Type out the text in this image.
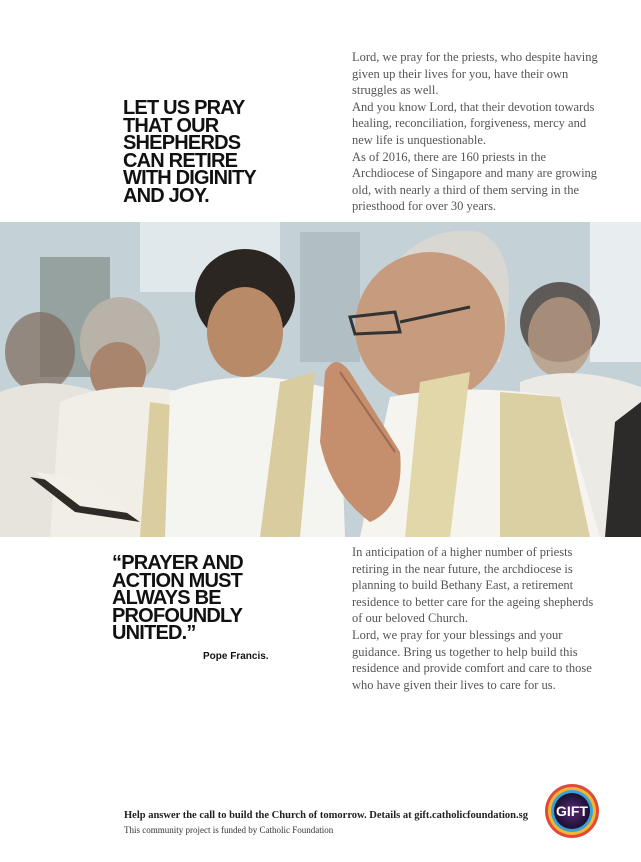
LET US PRAY
THAT OUR
SHEPHERDS
CAN RETIRE
WITH DIGINITY
AND JOY.

Lord, we pray for the priests, who despite having given up their lives for you, have their own struggles as well.

And you know Lord, that their devotion towards healing, reconciliation, forgiveness, mercy and new life is unquestionable.

As of 2016, there are 160 priests in the Archdiocese of Singapore and many are growing old, with nearly a third of them serving in the priesthood for over 30 years.

“PRAYER AND
ACTION MUST
ALWAYS BE
PROFOUNDLY
UNITED.”
Pope Francis.

In anticipation of a higher number of priests retiring in the near future, the archdiocese is planning to build Bethany East, a retirement residence to better care for the ageing shepherds of our beloved Church.

Lord, we pray for your blessings and your guidance. Bring us together to help build this residence and provide comfort and care to those who have given their lives to care for us.

Help answer the call to build the Church of tomorrow. Details at gift.catholicfoundation.sg
This community project is funded by Catholic Foundation
GIFT
